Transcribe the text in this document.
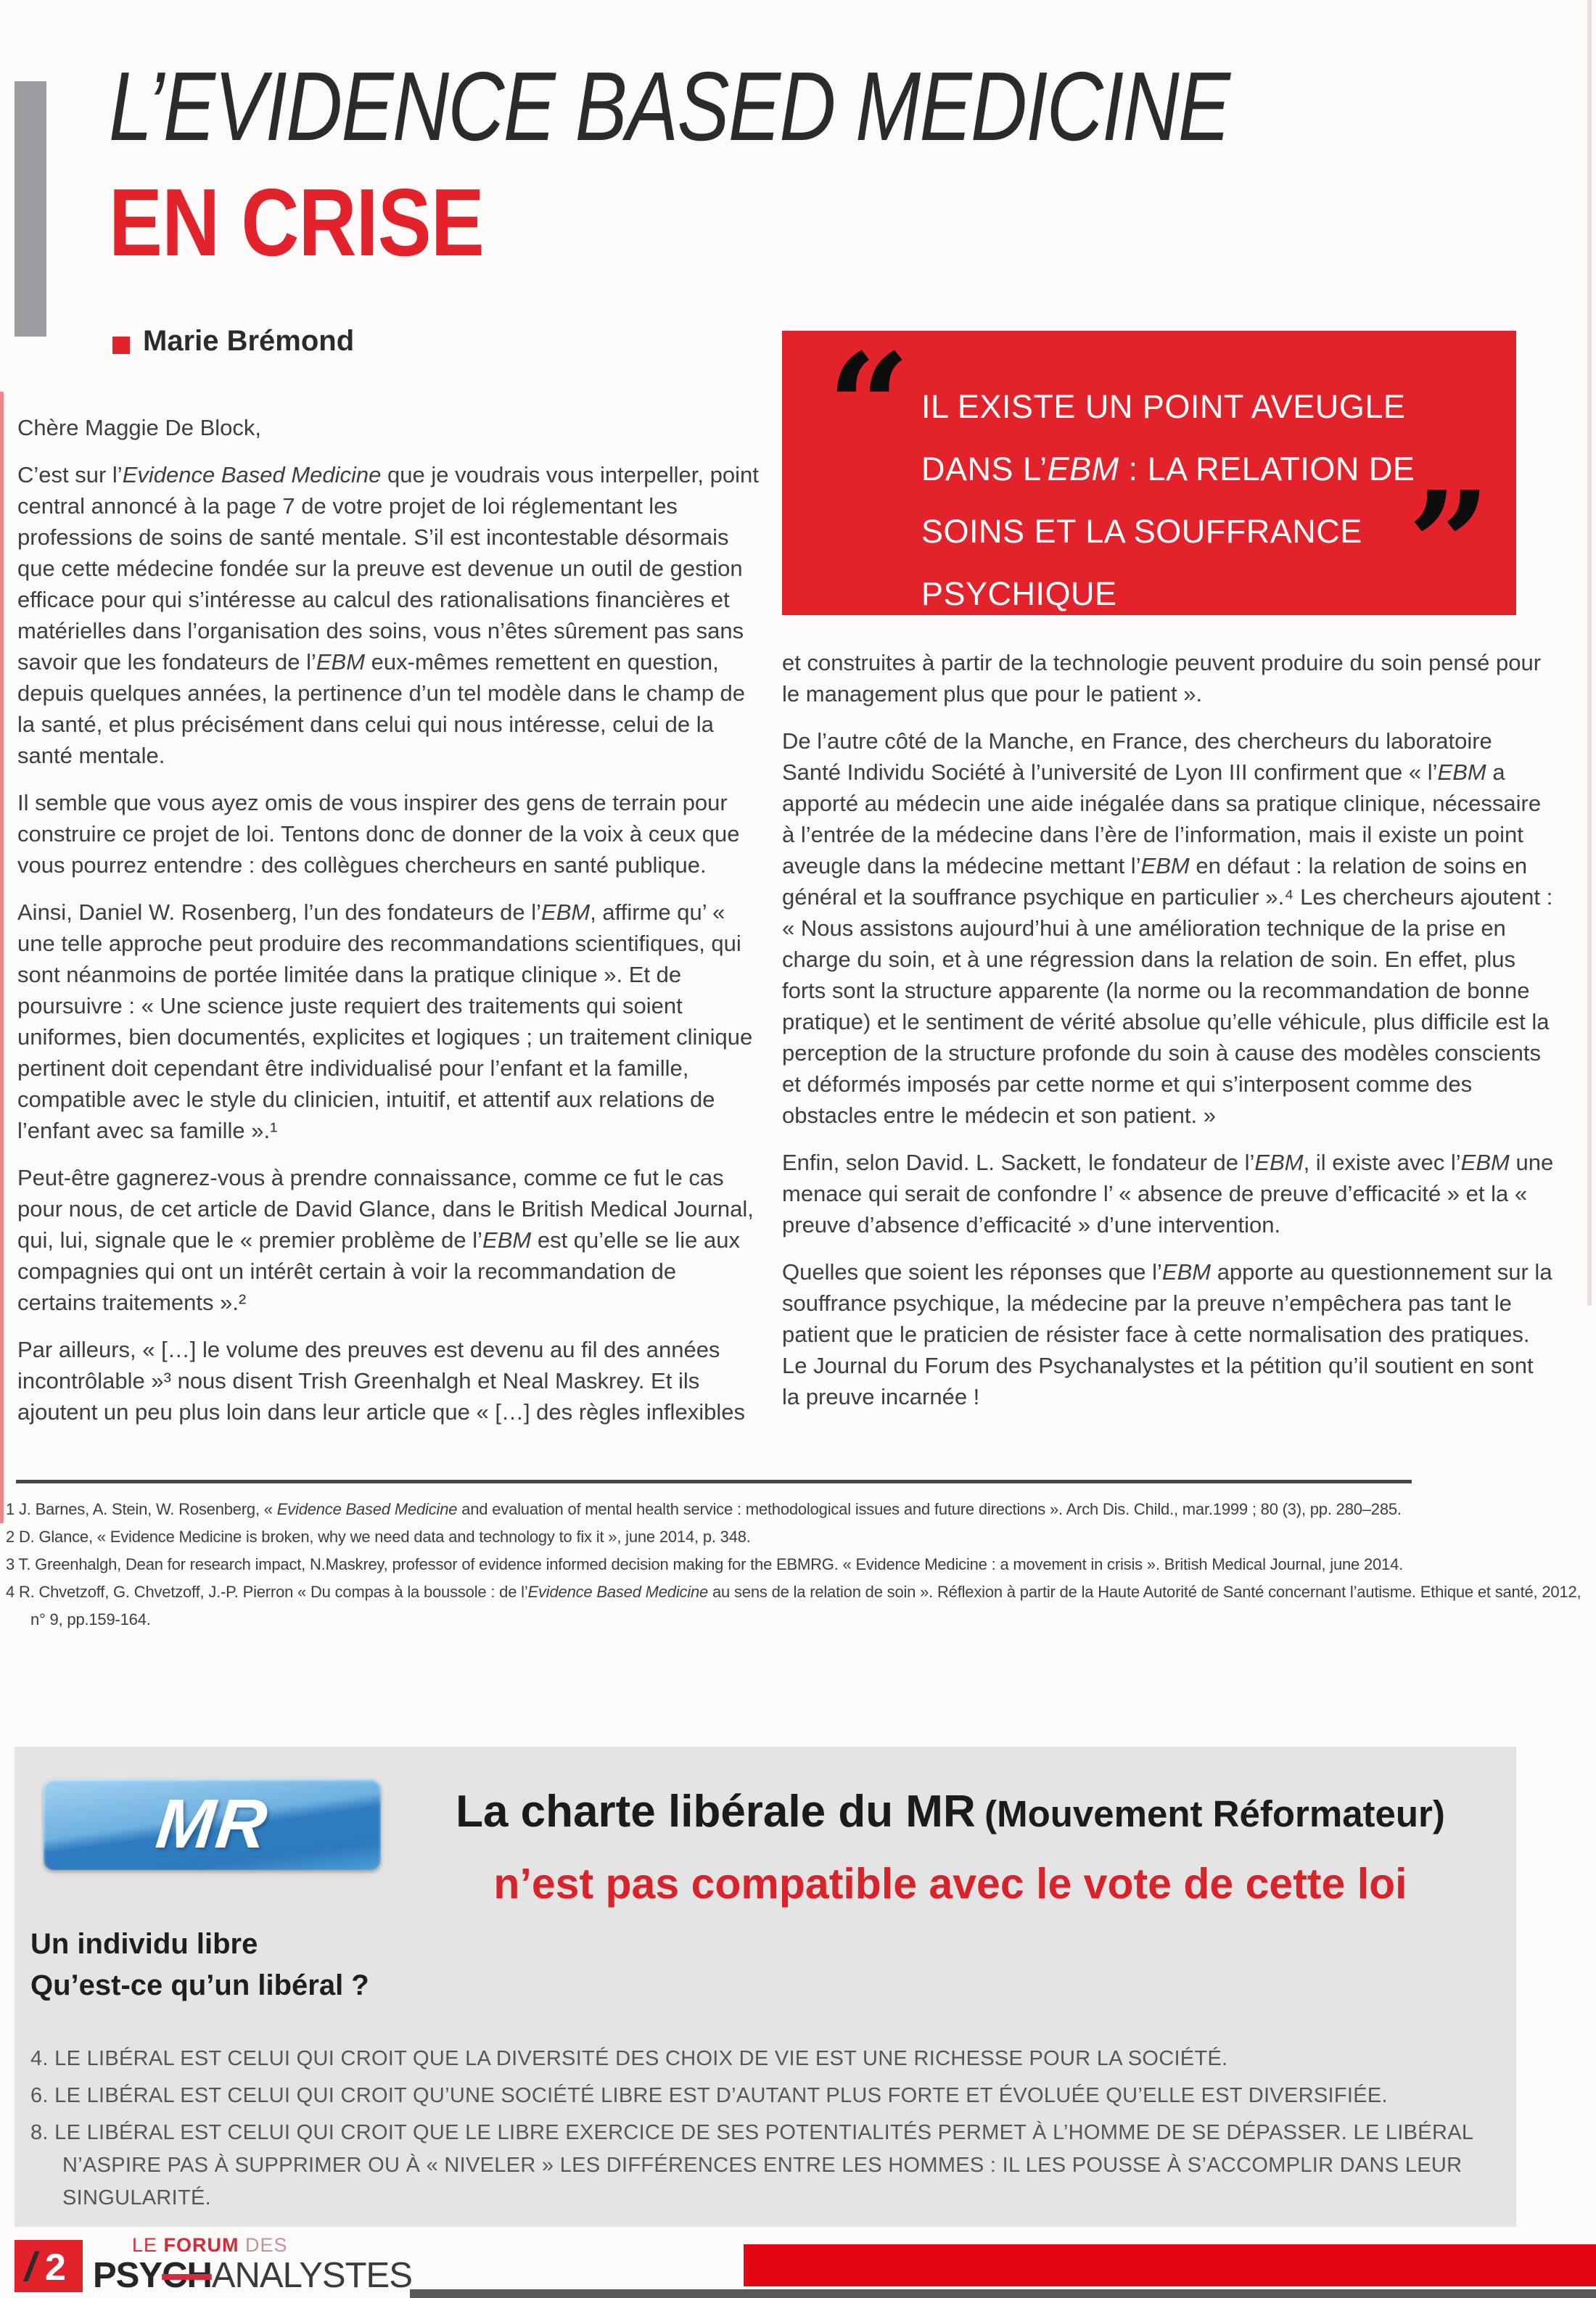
L’EVIDENCE BASED MEDICINE
EN CRISE
Marie Brémond	“ IL EXISTE UN POINT AVEUGLE DANS L’EBM : LA RELATION DE SOINS ET LA SOUFFRANCE PSYCHIQUE	”

Chère Maggie De Block,

C’est sur l’Evidence Based Medicine que je voudrais vous interpeller, point central annoncé à la page 7 de votre projet de loi réglementant les professions de soins de santé mentale. S’il est incontestable désormais que cette médecine fondée sur la preuve est devenue un outil de gestion efficace pour qui s’intéresse au calcul des rationalisations financières et matérielles dans l’organisation des soins, vous n’êtes sûrement pas sans savoir que les fondateurs de l’EBM eux-mêmes remettent en question, depuis quelques années, la pertinence d’un tel modèle dans le champ de la santé, et plus précisément dans celui qui nous intéresse, celui de la santé mentale.

Il semble que vous ayez omis de vous inspirer des gens de terrain pour construire ce projet de loi. Tentons donc de donner de la voix à ceux que vous pourrez entendre : des collègues chercheurs en santé publique.

Ainsi, Daniel W. Rosenberg, l’un des fondateurs de l’EBM, affirme qu’ « une telle approche peut produire des recommandations scientifiques, qui sont néanmoins de portée limitée dans la pratique clinique ». Et de poursuivre : « Une science juste requiert des traitements qui soient uniformes, bien documentés, explicites et logiques ; un traitement clinique pertinent doit cependant être individualisé pour l’enfant et la famille, compatible avec le style du clinicien, intuitif, et attentif aux relations de l’enfant avec sa famille ».¹

Peut-être gagnerez-vous à prendre connaissance, comme ce fut le cas pour nous, de cet article de David Glance, dans le British Medical Journal, qui, lui, signale que le « premier problème de l’EBM est qu’elle se lie aux compagnies qui ont un intérêt certain à voir la recommandation de certains traitements ».²

Par ailleurs, « […] le volume des preuves est devenu au fil des années incontrôlable »³ nous disent Trish Greenhalgh et Neal Maskrey. Et ils ajoutent un peu plus loin dans leur article que « […] des règles inflexibles

et construites à partir de la technologie peuvent produire du soin pensé pour le management plus que pour le patient ».

De l’autre côté de la Manche, en France, des chercheurs du laboratoire Santé Individu Société à l’université de Lyon III confirment que « l’EBM a apporté au médecin une aide inégalée dans sa pratique clinique, nécessaire à l’entrée de la médecine dans l’ère de l’information, mais il existe un point aveugle dans la médecine mettant l’EBM en défaut : la relation de soins en général et la souffrance psychique en particulier ».⁴ Les chercheurs ajoutent : « Nous assistons aujourd’hui à une amélioration technique de la prise en charge du soin, et à une régression dans la relation de soin. En effet, plus forts sont la structure apparente (la norme ou la recommandation de bonne pratique) et le sentiment de vérité absolue qu’elle véhicule, plus difficile est la perception de la structure profonde du soin à cause des modèles conscients et déformés imposés par cette norme et qui s’interposent comme des obstacles entre le médecin et son patient. »

Enfin, selon David. L. Sackett, le fondateur de l’EBM, il existe avec l’EBM une menace qui serait de confondre l’ « absence de preuve d’efficacité » et la « preuve d’absence d’efficacité » d’une intervention.

Quelles que soient les réponses que l’EBM apporte au questionnement sur la souffrance psychique, la médecine par la preuve n’empêchera pas tant le patient que le praticien de résister face à cette normalisation des pratiques. Le Journal du Forum des Psychanalystes et la pétition qu’il soutient en sont la preuve incarnée !

1 J. Barnes, A. Stein, W. Rosenberg, « Evidence Based Medicine and evaluation of mental health service : methodological issues and future directions ». Arch Dis. Child., mar.1999 ; 80 (3), pp. 280–285.

2 D. Glance, « Evidence Medicine is broken, why we need data and technology to fix it », june 2014, p. 348.

3 T. Greenhalgh, Dean for research impact, N.Maskrey, professor of evidence informed decision making for the EBMRG. « Evidence Medicine : a movement in crisis ». British Medical Journal, june 2014.

4 R. Chvetzoff, G. Chvetzoff, J.-P. Pierron « Du compas à la boussole : de l’Evidence Based Medicine au sens de la relation de soin ». Réflexion à partir de la Haute Autorité de Santé concernant l’autisme. Ethique et santé, 2012, n° 9, pp.159-164.

MR	La charte libérale du MR  (Mouvement Réformateur)
n’est pas compatible avec le vote de cette loi
Un individu libre
Qu’est-ce qu’un libéral ?
4. LE LIBÉRAL EST CELUI QUI CROIT QUE LA DIVERSITÉ DES CHOIX DE VIE EST UNE RICHESSE POUR LA SOCIÉTÉ.
6. LE LIBÉRAL EST CELUI QUI CROIT QU’UNE SOCIÉTÉ LIBRE EST D’AUTANT PLUS FORTE ET ÉVOLUÉE QU’ELLE EST DIVERSIFIÉE.
8. LE LIBÉRAL EST CELUI QUI CROIT QUE LE LIBRE EXERCICE DE SES POTENTIALITÉS PERMET À L’HOMME DE SE DÉPASSER. LE LIBÉRAL N’ASPIRE PAS À SUPPRIMER OU À « NIVELER » LES DIFFÉRENCES ENTRE LES HOMMES : IL LES POUSSE À S’ACCOMPLIR DANS LEUR SINGULARITÉ.
/ 2
LE FORUM DES
PSYCHANALYSTES
